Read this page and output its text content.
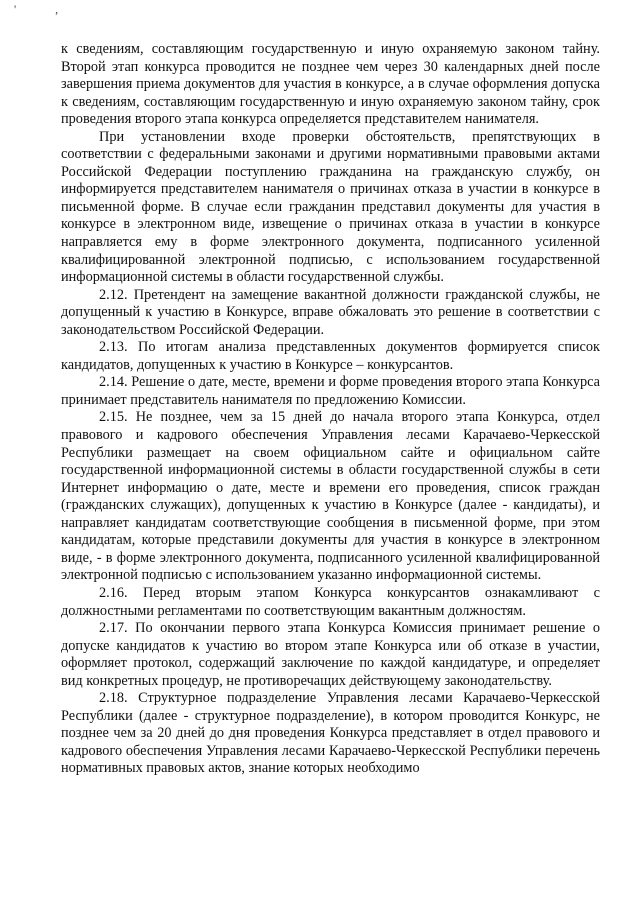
' ,

к сведениям, составляющим государственную и иную охраняемую законом тайну. Второй этап конкурса проводится не позднее чем через 30 календарных дней после завершения приема документов для участия в конкурсе, а в случае оформления допуска к сведениям, составляющим государственную и иную охраняемую законом тайну, срок проведения второго этапа конкурса определяется представителем нанимателя.

При установлении входе проверки обстоятельств, препятствующих в соответствии с федеральными законами и другими нормативными правовыми актами Российской Федерации поступлению гражданина на гражданскую службу, он информируется представителем нанимателя о причинах отказа в участии в конкурсе в письменной форме. В случае если гражданин представил документы для участия в конкурсе в электронном виде, извещение о причинах отказа в участии в конкурсе направляется ему в форме электронного документа, подписанного усиленной квалифицированной электронной подписью, с использованием государственной информационной системы в области государственной службы.

2.12. Претендент на замещение вакантной должности гражданской службы, не допущенный к участию в Конкурсе, вправе обжаловать это решение в соответствии с законодательством Российской Федерации.

2.13. По итогам анализа представленных документов формируется список кандидатов, допущенных к участию в Конкурсе – конкурсантов.

2.14. Решение о дате, месте, времени и форме проведения второго этапа Конкурса принимает представитель нанимателя по предложению Комиссии.

2.15. Не позднее, чем за 15 дней до начала второго этапа Конкурса, отдел правового и кадрового обеспечения Управления лесами Карачаево-Черкесской Республики размещает на своем официальном сайте и официальном сайте государственной информационной системы в области государственной службы в сети Интернет информацию о дате, месте и времени его проведения, список граждан (гражданских служащих), допущенных к участию в Конкурсе (далее - кандидаты), и направляет кандидатам соответствующие сообщения в письменной форме, при этом кандидатам, которые представили документы для участия в конкурсе в электронном виде, - в форме электронного документа, подписанного усиленной квалифицированной электронной подписью с использованием указанно информационной системы.

2.16. Перед вторым этапом Конкурса конкурсантов ознакамливают с должностными регламентами по соответствующим вакантным должностям.

2.17. По окончании первого этапа Конкурса Комиссия принимает решение о допуске кандидатов к участию во втором этапе Конкурса или об отказе в участии, оформляет протокол, содержащий заключение по каждой кандидатуре, и определяет вид конкретных процедур, не противоречащих действующему законодательству.

2.18. Структурное подразделение Управления лесами Карачаево-Черкесской Республики (далее - структурное подразделение), в котором проводится Конкурс, не позднее чем за 20 дней до дня проведения Конкурса представляет в отдел правового и кадрового обеспечения Управления лесами Карачаево-Черкесской Республики перечень нормативных правовых актов, знание которых необходимо
